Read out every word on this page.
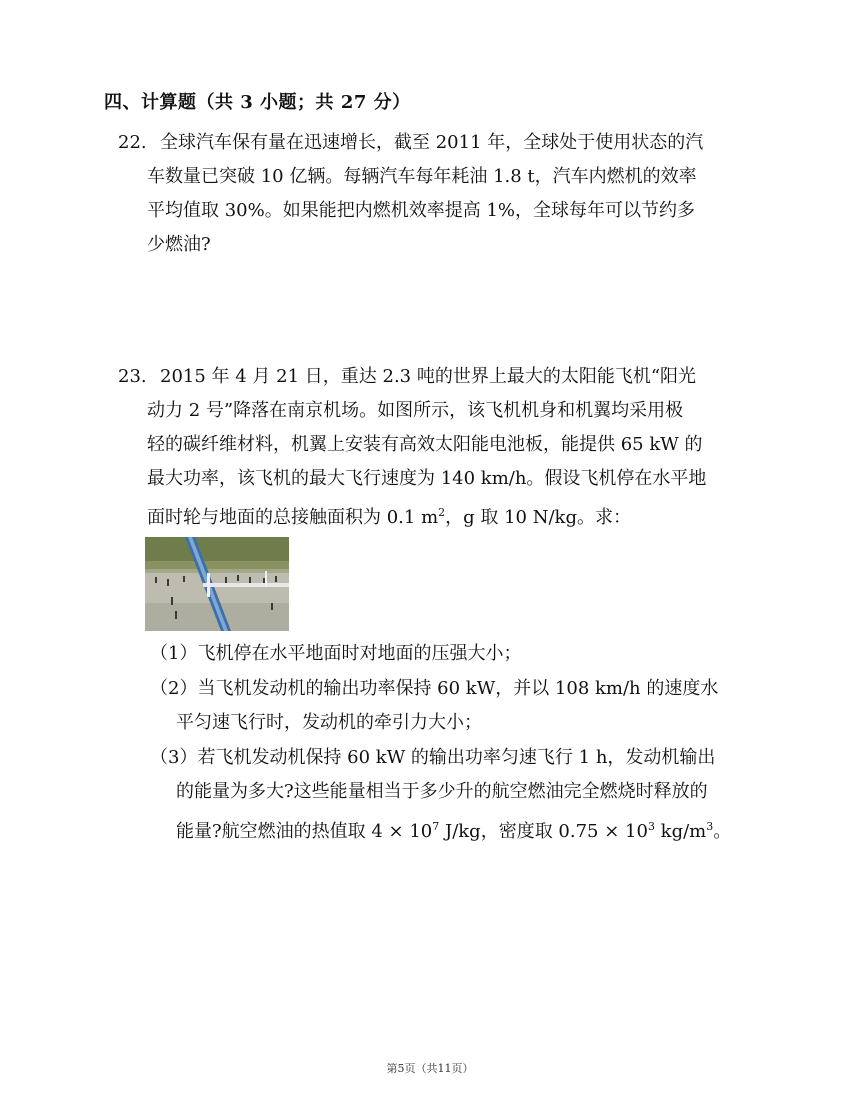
四、计算题（共 3 小题；共 27 分）
22. 全球汽车保有量在迅速增长，截至 2011 年，全球处于使用状态的汽
车数量已突破 10 亿辆。每辆汽车每年耗油 1.8 t，汽车内燃机的效率
平均值取 30%。如果能把内燃机效率提高 1%，全球每年可以节约多
少燃油?
23. 2015 年 4 月 21 日，重达 2.3 吨的世界上最大的太阳能飞机“阳光
动力 2 号”降落在南京机场。如图所示，该飞机机身和机翼均采用极
轻的碳纤维材料，机翼上安装有高效太阳能电池板，能提供 65 kW 的
最大功率，该飞机的最大飞行速度为 140 km/h。假设飞机停在水平地
面时轮与地面的总接触面积为 0.1 $m^2$，g 取 10 N/kg。求：
（1）飞机停在水平地面时对地面的压强大小；
（2）当飞机发动机的输出功率保持 60 kW，并以 108 km/h 的速度水
平匀速飞行时，发动机的牵引力大小；
（3）若飞机发动机保持 60 kW 的输出功率匀速飞行 1 h，发动机输出
的能量为多大?这些能量相当于多少升的航空燃油完全燃烧时释放的
能量?航空燃油的热值取 $4 \times 10^7$ J/kg，密度取 $0.75 \times 10^3$ $kg/m^3$。
第5页（共11页）
